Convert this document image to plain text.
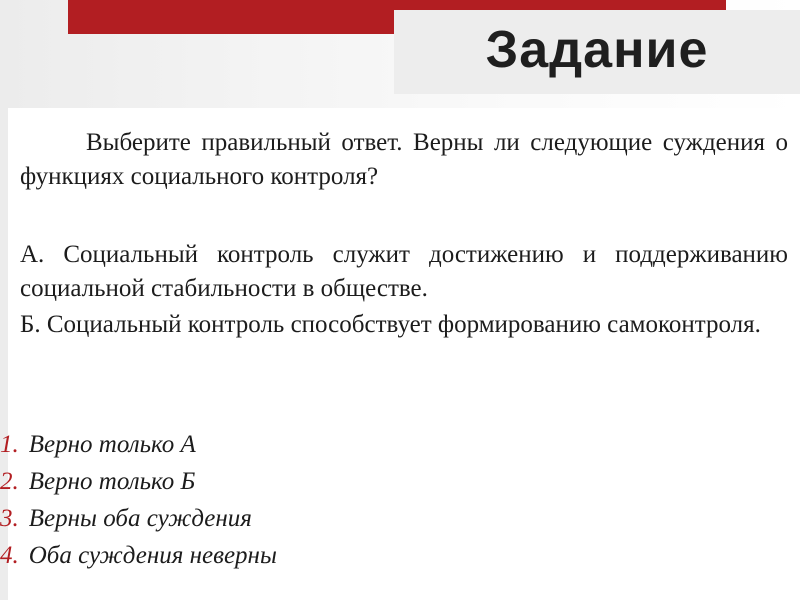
Задание

Выберите правильный ответ. Верны ли следующие суждения о функциях социального контроля?

А. Социальный контроль служит достижению и поддерживанию социальной стабильности в обществе.

Б. Социальный контроль способствует формированию самоконтроля.

1. Верно только А
2. Верно только Б
3. Верны оба суждения
4. Оба суждения неверны
